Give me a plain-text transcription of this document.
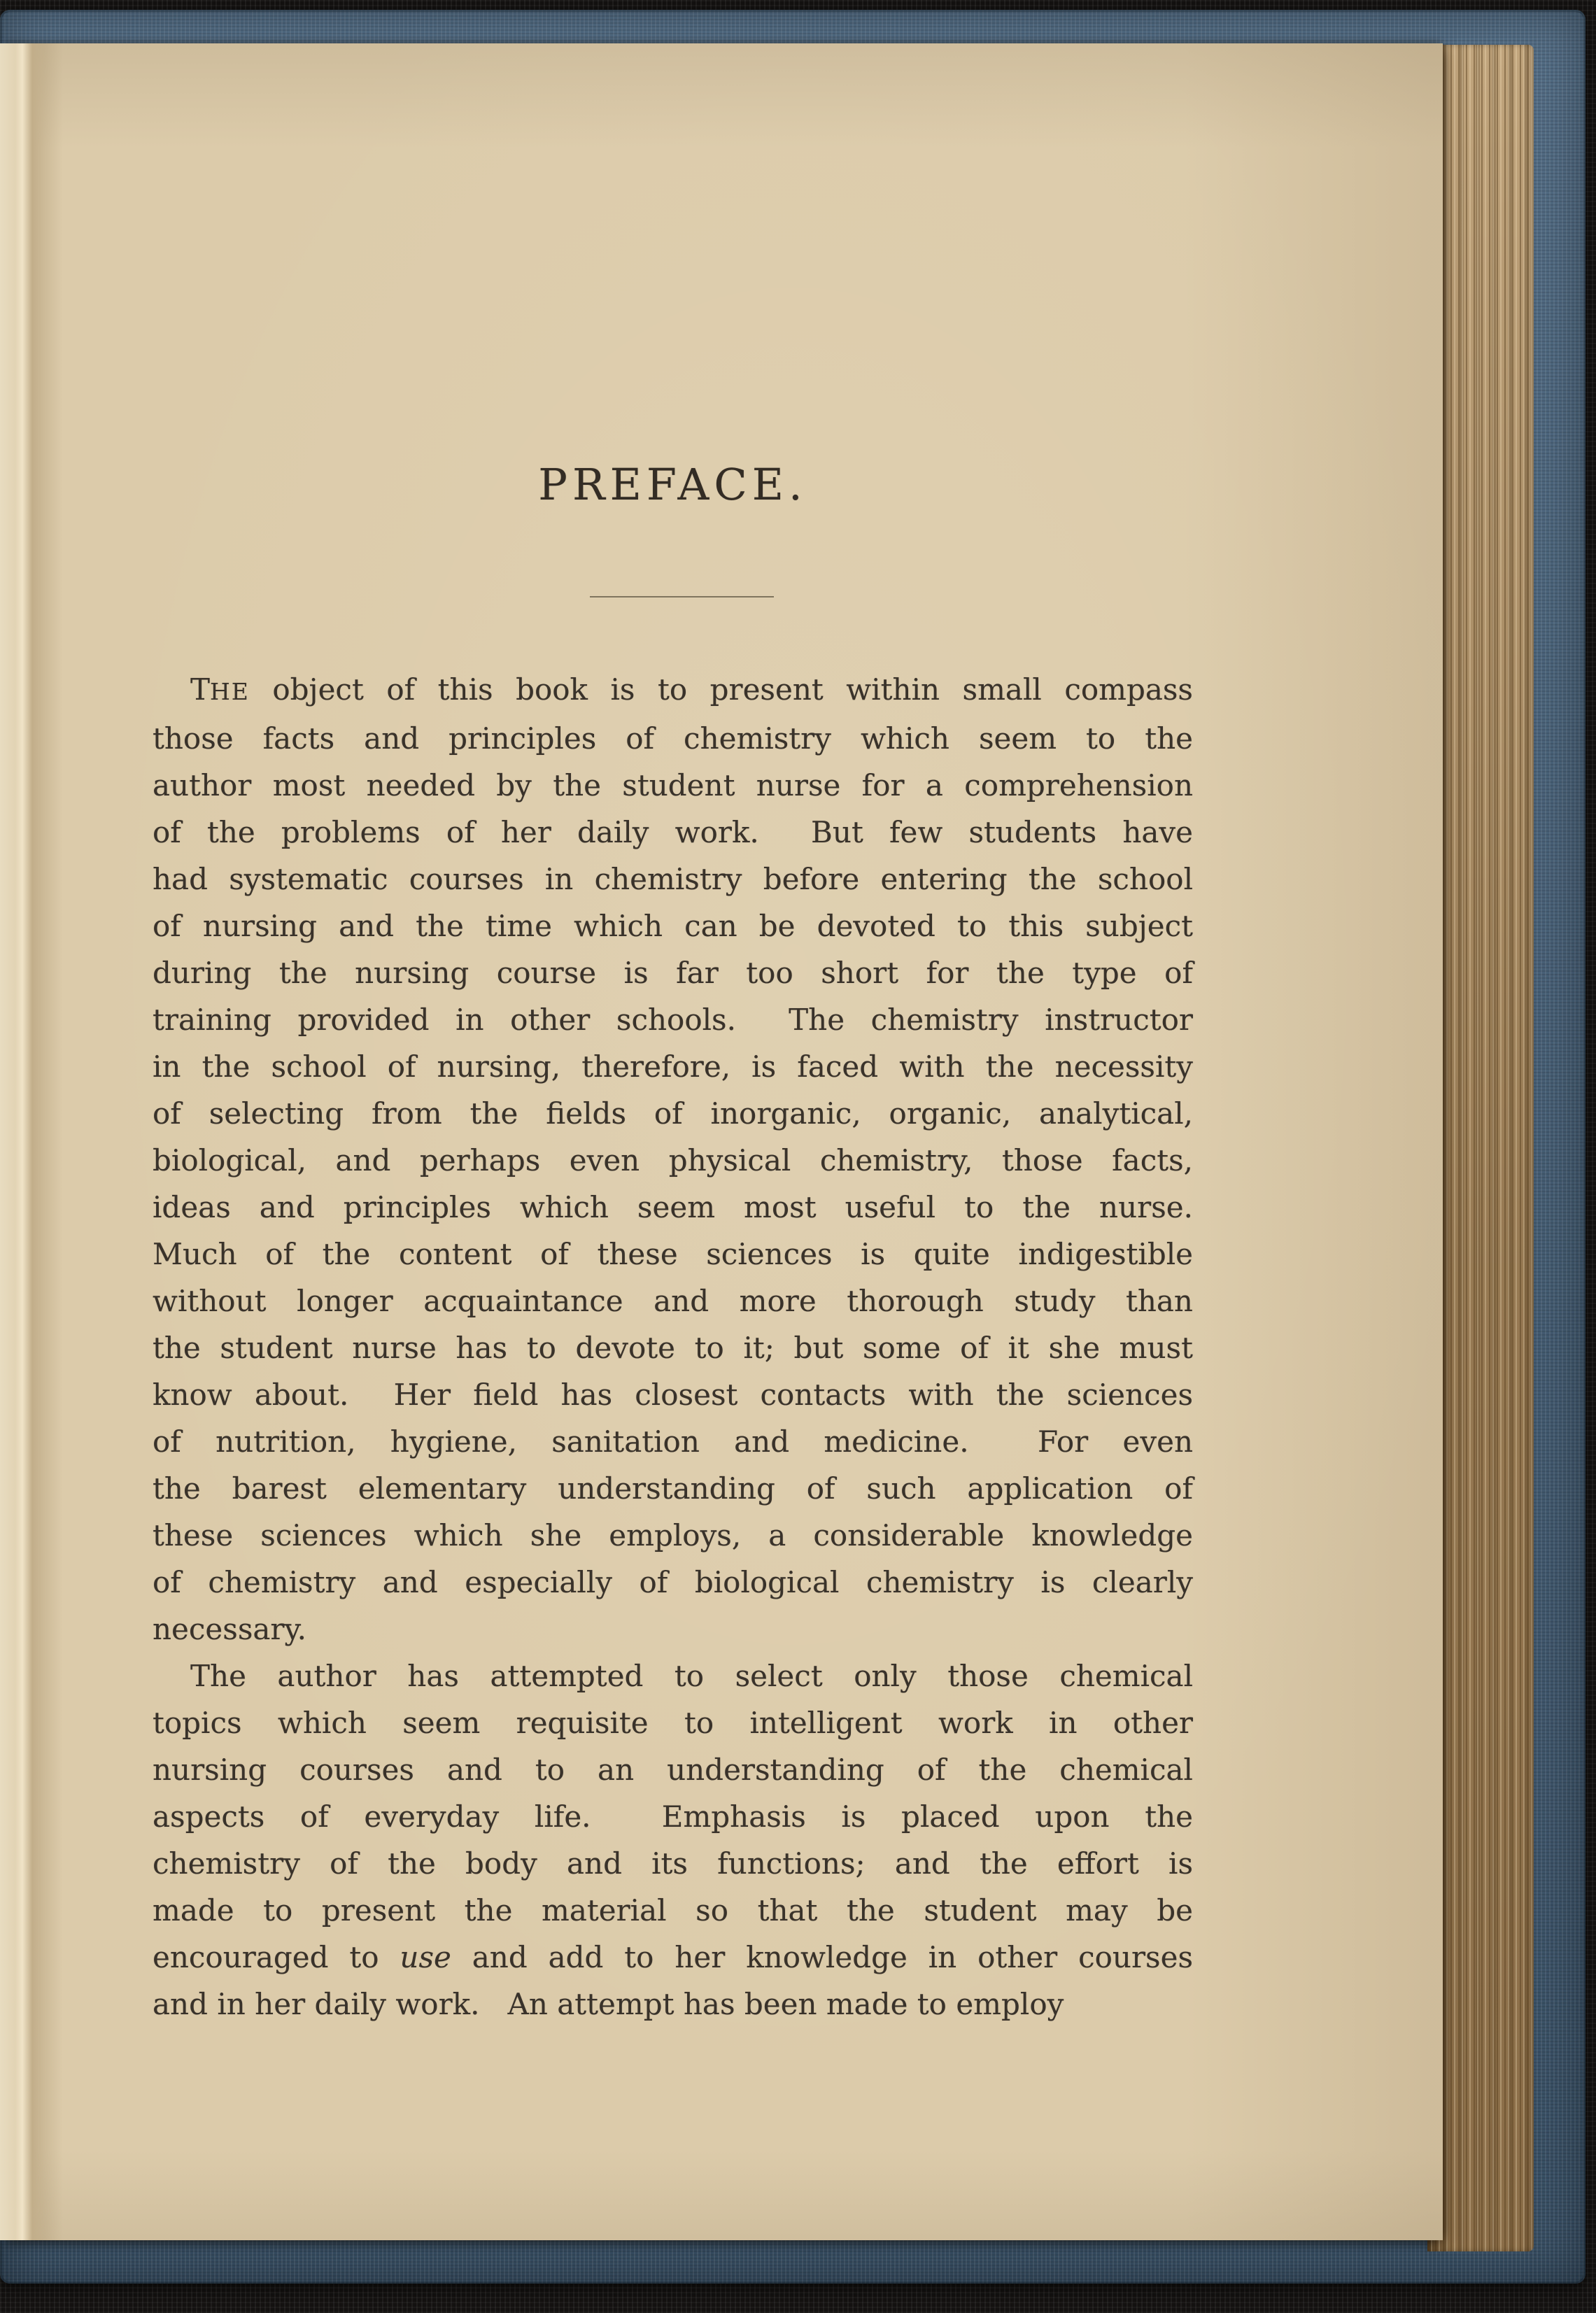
PREFACE.
THE object of this book is to present within small compass
those facts and principles of chemistry which seem to the
author most needed by the student nurse for a comprehension
of the problems of her daily work.  But few students have
had systematic courses in chemistry before entering the school
of nursing and the time which can be devoted to this subject
during the nursing course is far too short for the type of
training provided in other schools.  The chemistry instructor
in the school of nursing, therefore, is faced with the necessity
of selecting from the fields of inorganic, organic, analytical,
biological, and perhaps even physical chemistry, those facts,
ideas and principles which seem most useful to the nurse.
Much of the content of these sciences is quite indigestible
without longer acquaintance and more thorough study than
the student nurse has to devote to it; but some of it she must
know about.  Her field has closest contacts with the sciences
of nutrition, hygiene, sanitation and medicine.  For even
the barest elementary understanding of such application of
these sciences which she employs, a considerable knowledge
of chemistry and especially of biological chemistry is clearly
necessary.
The author has attempted to select only those chemical
topics which seem requisite to intelligent work in other
nursing courses and to an understanding of the chemical
aspects of everyday life.  Emphasis is placed upon the
chemistry of the body and its functions; and the effort is
made to present the material so that the student may be
encouraged to use and add to her knowledge in other courses
and in her daily work.   An attempt has been made to employ
